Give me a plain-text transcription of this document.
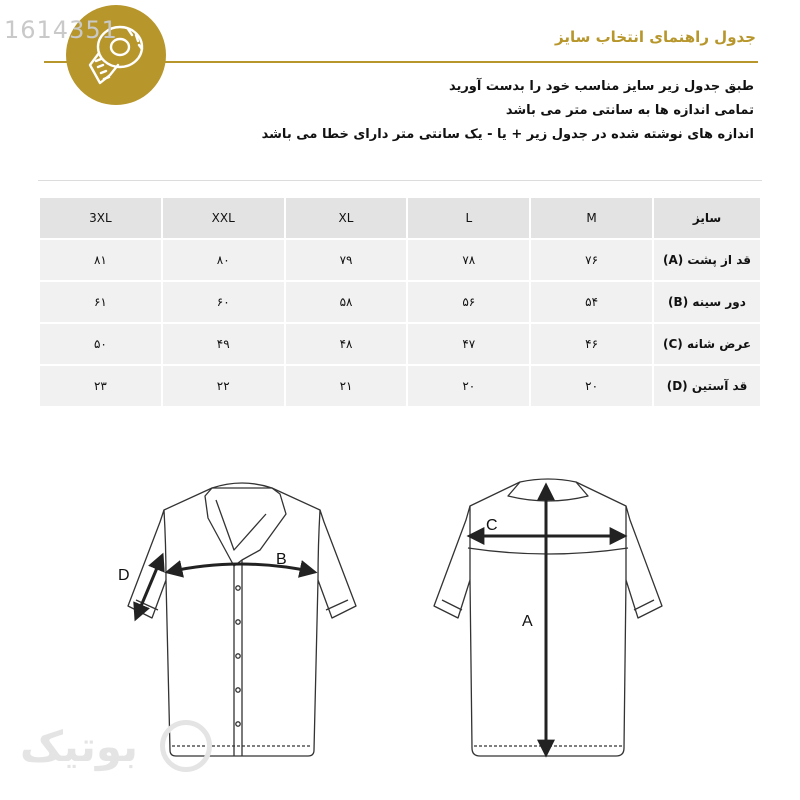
1614351	جدول راهنمای انتخاب سایز
طبق جدول زیر سایز مناسب خود را بدست آورید
تمامی اندازه ها به سانتی متر می باشد
اندازه های نوشته شده در جدول زیر + یا - یک سانتی متر دارای خطا می باشد
سایز	M	L	XL	XXL	3XL
قد از پشت (A)	۷۶	۷۸	۷۹	۸۰	۸۱
دور سینه (B)	۵۴	۵۶	۵۸	۶۰	۶۱
عرض شانه (C)	۴۶	۴۷	۴۸	۴۹	۵۰
قد آستین (D)	۲۰	۲۰	۲۱	۲۲	۲۳
D
B
C
A
بوتیک
